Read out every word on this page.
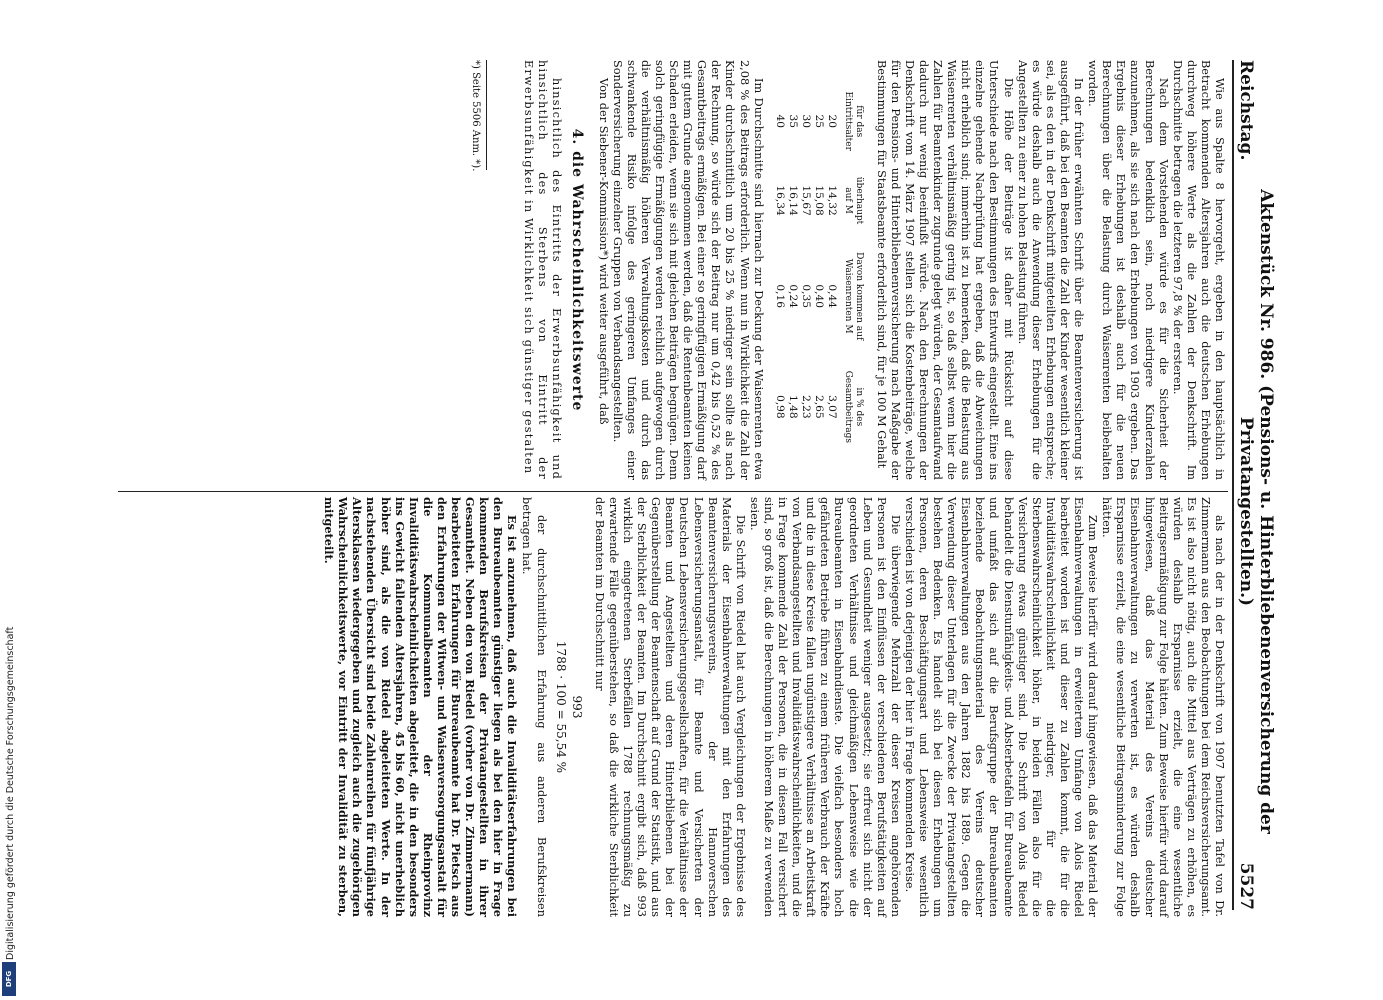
Digitalisierung gefördert durch die Deutsche Forschungsgemeinschaft
DFG
Reichstag.
Aktenstück Nr. 986. (Pensions- u. Hinterbliebenenversicherung der Privatangestellten.)
5527

Wie aus Spalte 8 hervorgeht, ergeben in den hauptsächlich in Betracht kommenden Altersjahren auch die deutschen Erhebungen durchweg höhere Werte als die Zahlen der Denkschrift. Im Durchschnitte betragen die letzteren 97,8 % der ersteren.

Nach dem Vorstehenden würde es für die Sicherheit der Berechnungen bedenklich sein, noch niedrigere Kinderzahlen anzunehmen, als sie sich nach den Erhebungen von 1903 ergeben. Das Ergebnis dieser Erhebungen ist deshalb auch für die neuen Berechnungen über die Belastung durch Waisenrenten beibehalten worden.

In der früher erwähnten Schrift über die Beamtenversicherung ist ausgeführt, daß bei den Beamten die Zahl der Kinder wesentlich kleiner sei, als es den in der Denkschrift mitgeteilten Erhebungen entspreche; es würde deshalb auch die Anwendung dieser Erhebungen für die Angestellten zu einer zu hohen Belastung führen.

Die Höhe der Beiträge ist daher mit Rücksicht auf diese Unterschiede nach den Bestimmungen des Entwurfs eingestellt. Eine ins einzelne gehende Nachprüfung hat ergeben, daß die Abweichungen nicht erheblich sind; immerhin ist zu bemerken, daß die Belastung aus Waisenrenten verhältnismäßig gering ist, so daß selbst wenn hier die Zahlen für Beamtenkinder zugrunde gelegt würden, der Gesamtaufwand dadurch nur wenig beeinflußt würde. Nach den Berechnungen der Denkschrift vom 14. März 1907 stellen sich die Kostenbeiträge, welche für den Pensions- und Hinterbliebenenversicherung nach Maßgabe der Bestimmungen für Staatsbeamte erforderlich sind, für je 100 M Gehalt

für das Eintrittsalter	überhaupt auf M	Davon kommen auf Waisenrenten M	in % des Gesamtbeitrags
20	14,32	0,44	3,07
25	15,08	0,40	2,65
30	15,67	0,35	2,23
35	16,14	0,24	1,48
40	16,34	0,16	0,98

Im Durchschnitte sind hiernach zur Deckung der Waisenrenten etwa 2,08 % des Beitrags erforderlich. Wenn nun in Wirklichkeit die Zahl der Kinder durchschnittlich um 20 bis 25 % niedriger sein sollte als nach der Rechnung, so würde sich der Beitrag nur um 0,42 bis 0,52 % des Gesamtbeitrags ermäßigen. Bei einer so geringfügigen Ermäßigung darf mit gutem Grunde angenommen werden, daß die Rentenbeamten keinen Schaden erleiden, wenn sie sich mit gleichen Beiträgen begnügen. Denn solch geringfügige Ermäßigungen werden reichlich aufgewogen durch die verhältnismäßig höheren Verwaltungskosten und durch das schwankende Risiko infolge des geringeren Umfanges einer Sonderversicherung einzelner Gruppen von Verbandsangestellten.

Von der Siebener-Kommission*) wird weiter ausgeführt, daß

4. die Wahrscheinlichkeitswerte

hinsichtlich des Eintritts der Erwerbsunfähigkeit und hinsichtlich des Sterbens von Eintritt der Erwerbsunfähigkeit in Wirklichkeit sich günstiger gestalten

*) Seite 5506 Anm. *).

als nach der in der Denkschrift von 1907 benutzten Tafel von Dr. Zimmermann aus den Beobachtungen bei dem Reichsversicherungsamt. Es ist also nicht nötig, auch die Mittel aus Verträgen zu erhöhen, es würden deshalb Ersparnisse erzielt, die eine wesentliche Beitragsermäßigung zur Folge hätten. Zum Beweise hierfür wird darauf hingewiesen, daß das Material des Vereins deutscher Eisenbahnverwaltungen zu verwerten ist, es würden deshalb Ersparnisse erzielt, die eine wesentliche Beitragsminderung zur Folge hätten.

Zum Beweise hierfür wird darauf hingewiesen, daß das Material der Eisenbahnverwaltungen in erweitertem Umfange von Alois Riedel bearbeitet worden ist und dieser zu Zahlen kommt, die für die Invaliditätswahrscheinlichkeit niedriger, für die Sterbenswahrscheinlichkeit höher, in beiden Fällen also für die Versicherung etwas günstiger sind. Die Schrift von Alois Riedel behandelt die Dienstunfähigkeits- und Absterbetafeln für Bureaubeamte und umfaßt das sich auf die Berufsgruppe der Bureaubeamten beziehende Beobachtungsmaterial des Vereins deutscher Eisenbahnverwaltungen aus den Jahren 1882 bis 1889. Gegen die Verwendung dieser Unterlagen für die Zwecke der Privatangestellten bestehen Bedenken. Es handelt sich bei diesen Erhebungen um Personen, deren Beschäftigungsart und Lebensweise wesentlich verschieden ist von derjenigen der hier in Frage kommenden Kreise.

Die überwiegende Mehrzahl der dieser Kreisen angehörenden Personen ist den Einflüssen der verschiedenen Berufstätigkeiten auf Leben und Gesundheit weniger ausgesetzt; sie erfreut sich nicht der geordneten Verhältnisse und gleichmäßigen Lebensweise wie die Bureaubeamten in Eisenbahndienste. Die vielfach besonders hoch gefährdeten Betriebe führen zu einem früheren Verbrauch der Kräfte und die in diese Kreise fallen ungünstigere Verhältnisse an Arbeitskraft von Verbandsangestellten und Invaliditätswahrscheinlichkeiten, und die in Frage kommende Zahl der Personen, die in diesem Fall versichert sind, so groß ist, daß die Berechnungen in höherem Maße zu verwenden seien.

Die Schrift von Riedel hat auch Vergleichungen der Ergebnisse des Materials der Eisenbahnverwaltungen mit den Erfahrungen des Beamtenversicherungsvereins, der Hannoverschen Lebensversicherungsanstalt, für Beamte und Versicherten der Deutschen Lebensversicherungsgesellschaften, für die Verhältnisse der Beamten und Angestellten und deren Hinterbliebenen bei der Gegenüberstellung der Beamtenschaft auf Grund der Statistik, und aus der Sterblichkeit der Beamten. Im Durchschnitt ergibt sich, daß 993 wirklich eingetretenen Sterbefällen 1788 rechnungsmäßig zu erwartende Fälle gegenüberstehen, so daß die wirkliche Sterblichkeit der Beamten im Durchschnitt nur

993
1788 · 100 = 55,54 %

der durchschnittlichen Erfahrung aus anderen Berufskreisen betragen hat.

Es ist anzunehmen, daß auch die Invaliditätserfahrungen bei den Bureaubeamten günstiger liegen als bei den hier in Frage kommenden Berufskreisen der Privatangestellten in ihrer Gesamtheit. Neben den von Riedel (vorher von Dr. Zimmermann) bearbeiteten Erfahrungen für Bureaubeamte hat Dr. Pietsch aus den Erfahrungen der Witwen- und Waisenversorgungsanstalt für die Kommunalbeamten der Rheinprovinz Invaliditätswahrscheinlichkeiten abgeleitet, die in den besonders ins Gewicht fallenden Altersjahren, 45 bis 60, nicht unerheblich höher sind, als die von Riedel abgeleiteten Werte. In der nachstehenden Übersicht sind beide Zahlenreihen für fünfjährige Altersklassen wiedergegeben und zugleich auch die zugehörigen Wahrscheinlichkeitswerte, vor Eintritt der Invalidität zu sterben, mitgeteilt.
